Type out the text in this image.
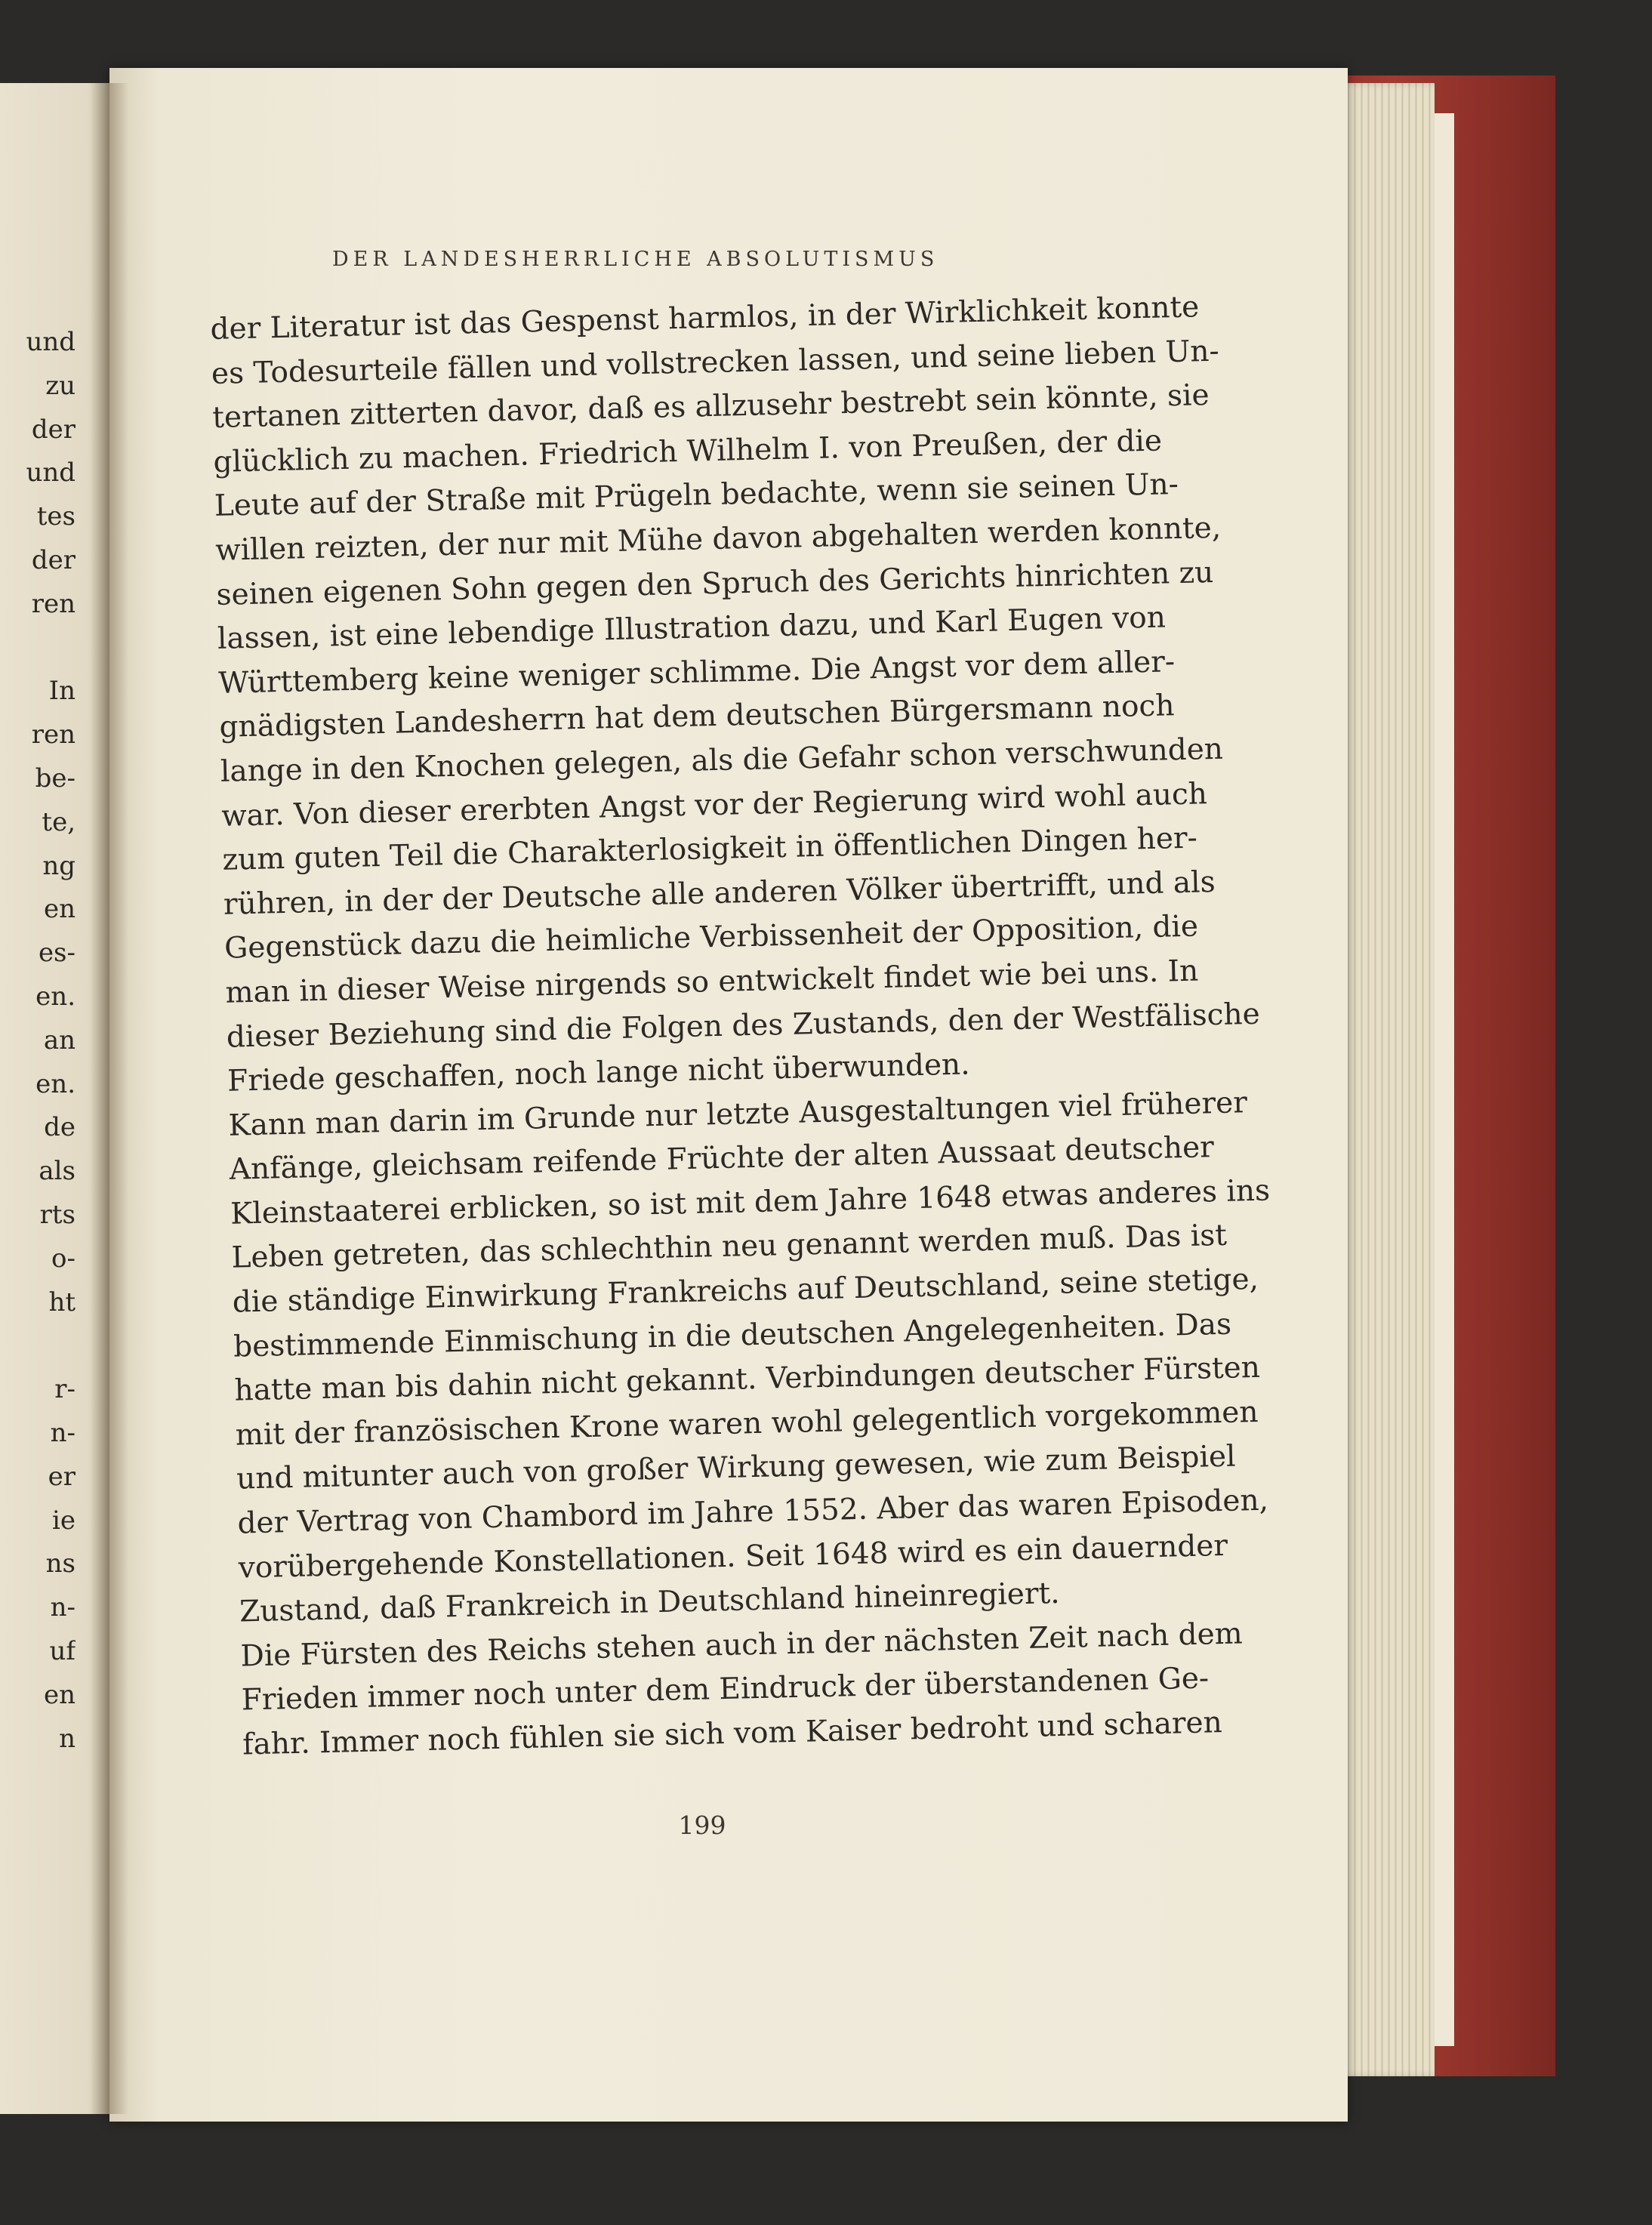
und
zu
der
und
tes
der
ren
In
ren
be-
te,
ng
en
es-
en.
an
en.
de
als
rts
o-
ht
r-
n-
er
ie
ns
n-
uf
en
n
DER LANDESHERRLICHE ABSOLUTISMUS
der Literatur ist das Gespenst harmlos, in der Wirklichkeit konnte
es Todesurteile fällen und vollstrecken lassen, und seine lieben Un-
tertanen zitterten davor, daß es allzusehr bestrebt sein könnte, sie
glücklich zu machen. Friedrich Wilhelm I. von Preußen, der die
Leute auf der Straße mit Prügeln bedachte, wenn sie seinen Un-
willen reizten, der nur mit Mühe davon abgehalten werden konnte,
seinen eigenen Sohn gegen den Spruch des Gerichts hinrichten zu
lassen, ist eine lebendige Illustration dazu, und Karl Eugen von
Württemberg keine weniger schlimme. Die Angst vor dem aller-
gnädigsten Landesherrn hat dem deutschen Bürgersmann noch
lange in den Knochen gelegen, als die Gefahr schon verschwunden
war. Von dieser ererbten Angst vor der Regierung wird wohl auch
zum guten Teil die Charakterlosigkeit in öffentlichen Dingen her-
rühren, in der der Deutsche alle anderen Völker übertrifft, und als
Gegenstück dazu die heimliche Verbissenheit der Opposition, die
man in dieser Weise nirgends so entwickelt findet wie bei uns. In
dieser Beziehung sind die Folgen des Zustands, den der Westfälische
Friede geschaffen, noch lange nicht überwunden.
Kann man darin im Grunde nur letzte Ausgestaltungen viel früherer
Anfänge, gleichsam reifende Früchte der alten Aussaat deutscher
Kleinstaaterei erblicken, so ist mit dem Jahre 1648 etwas anderes ins
Leben getreten, das schlechthin neu genannt werden muß. Das ist
die ständige Einwirkung Frankreichs auf Deutschland, seine stetige,
bestimmende Einmischung in die deutschen Angelegenheiten. Das
hatte man bis dahin nicht gekannt. Verbindungen deutscher Fürsten
mit der französischen Krone waren wohl gelegentlich vorgekommen
und mitunter auch von großer Wirkung gewesen, wie zum Beispiel
der Vertrag von Chambord im Jahre 1552. Aber das waren Episoden,
vorübergehende Konstellationen. Seit 1648 wird es ein dauernder
Zustand, daß Frankreich in Deutschland hineinregiert.
Die Fürsten des Reichs stehen auch in der nächsten Zeit nach dem
Frieden immer noch unter dem Eindruck der überstandenen Ge-
fahr. Immer noch fühlen sie sich vom Kaiser bedroht und scharen
199
